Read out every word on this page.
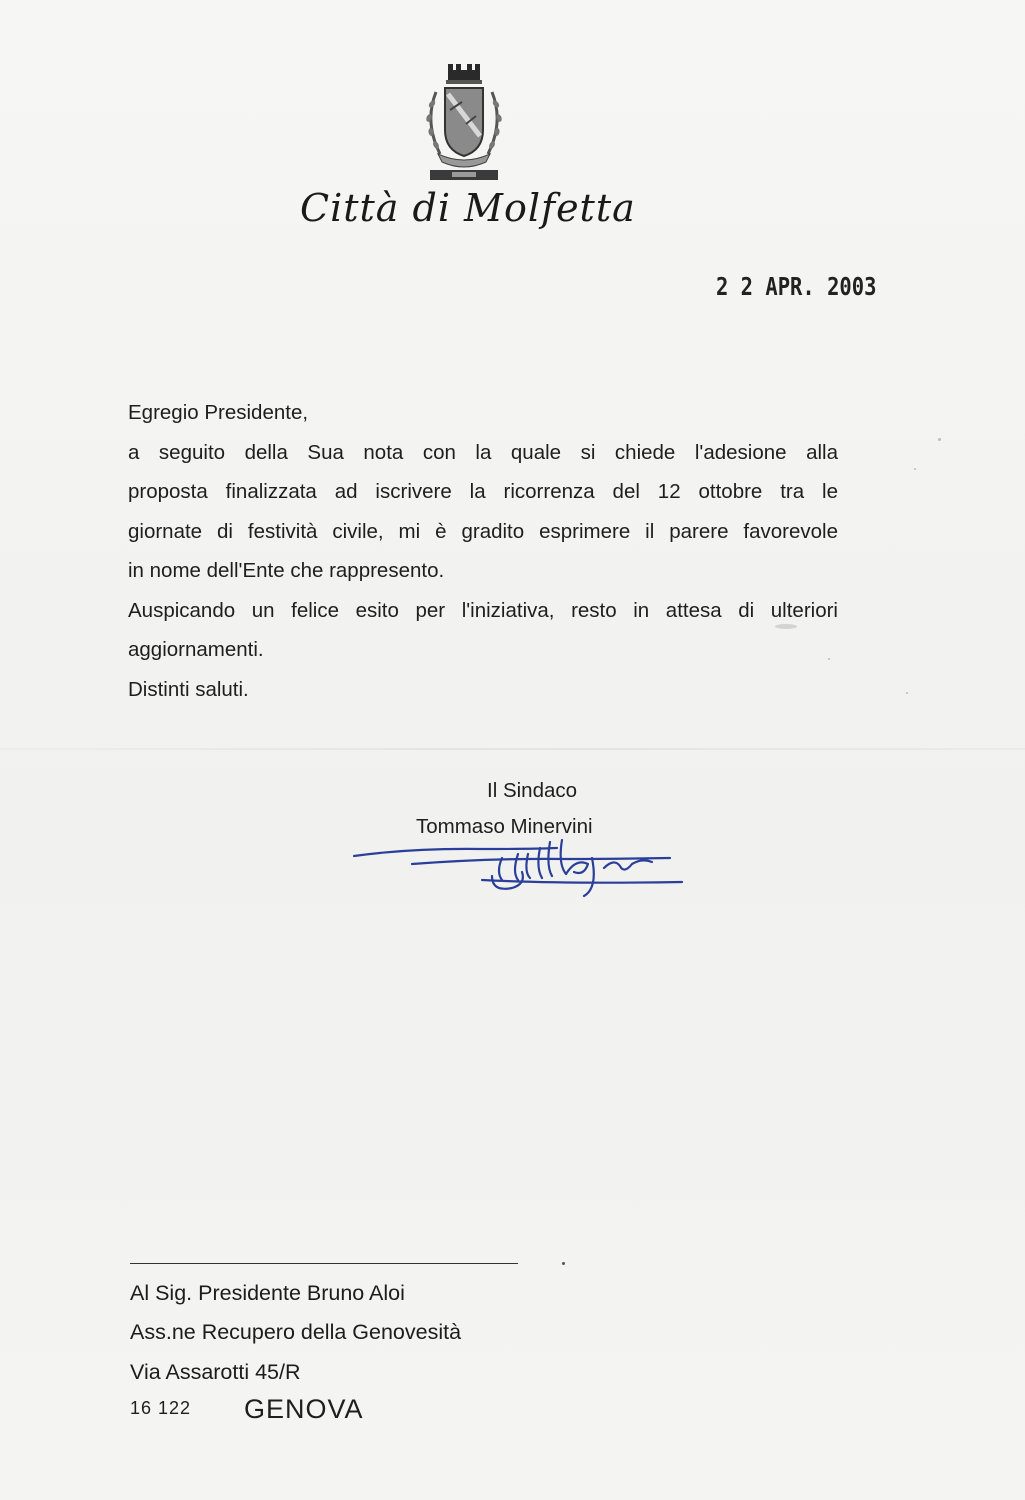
Città di Molfetta
2 2 APR. 2003
Egregio Presidente,
a seguito della Sua nota con la quale si chiede l'adesione alla
proposta finalizzata ad iscrivere la ricorrenza del 12 ottobre tra le
giornate di festività civile, mi è gradito esprimere il parere favorevole
in nome dell'Ente che rappresento.
Auspicando un felice esito per l'iniziativa, resto in attesa di ulteriori
aggiornamenti.
Distinti saluti.
Il Sindaco
Tommaso Minervini
Al Sig. Presidente Bruno Aloi
Ass.ne Recupero della Genovesità
Via Assarotti 45/R
16 122 GENOVA
